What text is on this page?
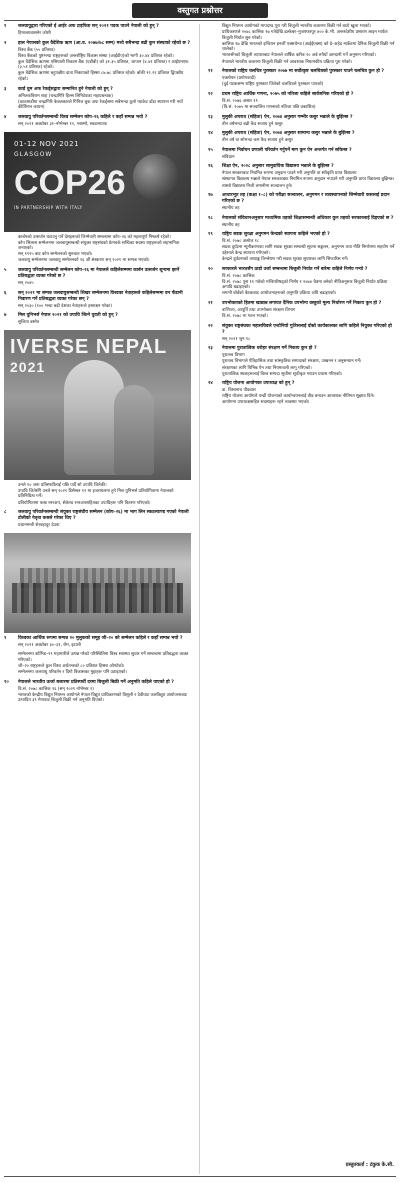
वस्तुगत प्रश्नोत्तर
१	जलवायुद्वारा गरिएको ई आईर अफ टाइफिङ सन् २०२१ पदक पाउने नेपाली को हुन् ?

हिमालयवासनेर जोशी

२	हाल नेपालको कुल वैदेशिक ऋण (आ.व. २०७७/७८ सम्म) मध्ये सबैभन्दा बढी कुन संस्थाको रहेको छ ?

विश्व बैंक (५५ प्रतिशत)

विश्व बैंकको पुष्टभन्दा राष्ट्रहरूको अन्तर्राष्ट्रिय विकास संस्था (आईडीए)को भागी ३०.४४ प्रतिशत रहेको।

कुल वैदेशिक ऋणमा एसियाली विकास बैंक (एडीबी) को ३१.३५ प्रतिशत, जापान (४.४१ प्रतिशत) र आईएमएफ (३.५१ प्रतिशत) रहेको।

कुल वैदेशिक ऋणमा बहुपक्षीय दाता निकायको हिस्सा ८७.७८ प्रतिशत रहेको। बाँकी १२.२२ प्रतिशत द्विपक्षीय रहेको।

३	कार्ड धुम अफ रेकर्ड्सद्वारा सम्मानित हुने नेपाली को हुन् ?

अमितकविराम शाह (चन्द्रागिरि हिल्स लिमिटेडका महाप्रबन्धक)

(काठमाडौंमा चन्द्रागिरि केबलकारले गिनिज बुक अफ रेकर्ड्समा सबैभन्दा ठूलो प्याकेट डाँडा स्थापना गरी नयाँ कीर्तिमान कायम)

४	जलवायु परिवर्तनसम्बन्धी विश्व सम्मेलन कोप–२६ कहिले र कहाँ सम्पन्न भयो ?

सन् २०२१ अक्टोबर ३१–नोभेम्बर १२, ग्लास्गो, स्कटल्याण्ड

01-12 NOV 2021
GLASGOW
COP26
IN PARTNERSHIP WITH ITALY

कार्बनको उत्सर्जन घटाउनु पर्ने देशहरूको जिम्मेवारी सम्बन्धमा कोप–२६ को महत्वपूर्ण निष्कर्ष रहेको।

कोप सिलास सम्मेलनमा जलवायुसम्बन्धी संयुक्त राष्ट्रसंघको फ्रेमवर्क सन्धिका सदस्य राष्ट्रहरूको सहभागिता जनाएको।

सन् १९९५ बाट कोप सम्मेलनको सुरुवात भएको।

जलवायु सम्मेलनमा जलवायु सम्मेलनको २६ औं संस्करण सन् २०२१ मा सम्पन्न भएको।

५	जलवायु परिवर्तनसम्बन्धी सम्मेलन कोप–२६ मा नेपालले कहिलेसम्ममा कार्बन उत्सर्जन शून्यमा झार्ने प्रतिबद्धता व्यक्त गरेको छ ?

सन् २०४५

६	सन् २०२१ मा सम्पन्न जलवायुसम्बन्धी शिखर सम्मेलनमा विश्वका नेताहरूले कहिलेसम्ममा वन फँडानी निवारण गर्ने प्रतिबद्धता व्यक्त गरेका छन् ?

सन् २०३० (१०० भन्दा बढी देशका नेताहरूले हस्ताक्षर गरेका)

७	मिस युनिभर्स नेपाल २०२१ को उपाधि जित्ने युवती को हुन् ?

सुजिता बस्नेत

IVERSE NEPAL
2021

उनले १० जना प्रतिस्पर्धीलाई पछि पार्दै सो उपाधि जितेकी।

उपाधि जितेसँगै उनले सन् २०२१ डिसेम्बर १२ मा इजरायलमा हुने मिस युनिभर्स प्रतियोगितामा नेपालको प्रतिनिधित्व गर्ने।

प्रतियोगितामा फस्ट रनरअप, सेकेण्ड रनरअपसहितका उपाधिहरू पनि वितरण गरिएको।

८	जलवायु परिवर्तनसम्बन्धी संयुक्त राष्ट्रसंघीय सम्मेलन (कोप–२६) मा भाग लिन स्कटल्याण्ड गएको नेपाली टोलीको नेतृत्व कसले गरेका थिए ?

प्रधानमन्त्री शेरबहादुर देउवा

९	विश्वका आर्थिक रूपमा सम्पन्न २० मुलुकको समूह जी–२० को सम्मेलन कहिले र कहाँ सम्पन्न भयो ?

सन् २०२१ अक्टोबर ३०–३१, रोम, इटाली

सम्मेलनमा कोभिड–१९ महामारीले उत्पन्न गरेको परिस्थितिमा विश्व स्वास्थ्य सुधार गर्ने सम्बन्धमा प्रतिबद्धता व्यक्त गरिएको।

जी–२० राष्ट्रहरूले कुल विश्व अर्थतन्त्रको ८० प्रतिशत हिस्सा ओगटेको।

सम्मेलनमा जलवायु परिवर्तन र दिगो विकासका मुद्दाहरू पनि उठाइएको।

१०	नेपालले भारतीय ऊर्जा बजारमा प्रतिस्पर्धी दरमा बिजुली बिक्री गर्ने अनुमति कहिले पाएको हो ?

वि.सं. २०७८ कात्तिक १६ (सन् २०२१ नोभेम्बर २)

भारतको केन्द्रीय विद्युत नियमन आयोगले नेपाल विद्युत प्राधिकरणको त्रिशूली र देवीघाट जलविद्युत आयोजनाबाट उत्पादित ३९ मेगावाट बिजुली बिक्री गर्न अनुमति दिएको।

विद्युत नियमन आयोगको मापदण्ड पूरा गरी बिजुली भारतीय बजारमा बिक्री गर्न बाटो खुला भएको।

प्राधिकरणले २०७८ कात्तिक १७ गतेदेखि ढल्केबर–मुजफ्फरपुर ४०० के.भी. अन्तरदेशीय प्रसारण लाइन मार्फत बिजुली निर्यात सुरु गरेको।

कात्तिक १७ देखि भारतको इन्डियन इनर्जी एक्सचेन्ज (आईईएक्स) को डे–अहेड मार्केटमा दैनिक बिजुली बिक्री गर्न थालेको।

भारतसँगको बिजुली व्यापारबाट नेपालले वार्षिक करिब १० अर्ब रुपैयाँ आम्दानी गर्ने अनुमान गरिएको।

नेपालले भारतीय बजारमा बिजुली बिक्री गर्न आवश्यक नियामकीय प्रक्रिया पूरा गरेको।

११	नेपालको राष्ट्रिय चलचित्र पुरस्कार २०७७ मा सर्वोत्कृष्ट चलचित्रको पुरस्कार पाउने चलचित्र कुन हो ?

एक्लोपन (प्रयोगवादी)

(दुई पटकसम्म राष्ट्रिय पुरस्कार जितेको चलचित्रले पुरस्कार पाएको)

१२	प्रथम राष्ट्रिय आर्थिक गणना, २०७५ को नतिजा कहिले सार्वजनिक गरिएको हो ?

वि.सं. २०७६ असार १९

(वि.सं. २०७५ मा सञ्चालित गणनाको नतिजा पछि प्रकाशित)

१३	मुलुकी अपराध (संहिता) ऐन, २०७४ अनुसार गम्भीर कसुर भन्नाले के बुझिन्छ ?

तीन वर्षभन्दा बढी कैद सजाय हुने कसुर

१४	मुलुकी अपराध (संहिता) ऐन, २०७४ अनुसार सामान्य कसुर भन्नाले के बुझिन्छ ?

तीन वर्ष वा सोभन्दा कम कैद सजाय हुने कसुर

१५	नेपालमा निर्वाचन प्रणाली परिवर्तन गर्नुपर्ने माग कुन ऐन अन्तर्गत गर्न सकिन्छ ?

संविधान

१६	शिक्षा ऐन, २०२८ अनुसार सामुदायिक विद्यालय भन्नाले के बुझिन्छ ?

नेपाल सरकारबाट नियमित रूपमा अनुदान पाउने गरी अनुमति वा स्वीकृति प्राप्त विद्यालय

संस्थागत विद्यालय भन्नाले नेपाल सरकारबाट नियमित रूपमा अनुदान नपाउने गरी अनुमति प्राप्त विद्यालय बुझिन्छ।

त्यस्तो विद्यालय निजी लगानीमा सञ्चालन हुने।

१७	आधारभूत तह (कक्षा १–८) को परीक्षा सञ्चालन, अनुगमन र व्यवस्थापनको जिम्मेवारी कसलाई प्रदान गरिएको छ ?

स्थानीय तह

१८	नेपालको संविधानअनुसार माध्यमिक तहको शिक्षासम्बन्धी अधिकार कुन तहको सरकारलाई दिइएको छ ?

स्थानीय तह

१९	राष्ट्रिय सडक सुरक्षा अनुगमन केन्द्रको स्थापना कहिले भएको हो ?

वि.सं. २०७८ असोज १८

सडक दुर्घटना न्यूनीकरणका लागि सडक सुरक्षा सम्बन्धी सूचना सङ्कलन, अनुगमन तथा नीति निर्माणमा सहयोग गर्ने उद्देश्यले केन्द्र स्थापना गरिएको।

केन्द्रले दुर्घटनाको तथ्याङ्क विश्लेषण गरी सडक सुरक्षा सुधारका लागि सिफारिस गर्ने।

२०	सरकारले भारतसँग ठाडो उर्जा सम्बन्धमा बिजुली निर्यात गर्ने बारेमा कहिले निर्णय गर्‍यो ?

वि.सं. २०७८ कात्तिक

वि.सं. २०७८ पुस ११ गतेको मन्त्रिपरिषद्को निर्णय र २०७४ चैत्रमा बनेको नीतिअनुसार बिजुली निर्यात प्रक्रिया अगाडि बढाइएको।

लगानी बोर्डको बैठकबाट आयोजनाहरूको अनुमति प्रक्रिया अघि बढाइएको।

२१	उपभोक्ताको हितमा खाद्यान्न लगायत दैनिक उपभोग्य वस्तुको मूल्य निर्धारण गर्ने निकाय कुन हो ?

वाणिज्य, आपूर्ति तथा उपभोक्ता संरक्षण विभाग

वि.सं. २०७८ मा गठन भएको।

२२	संयुक्त राष्ट्रसंघका महासचिवले एन्टोनियो गुटेरेसलाई दोस्रो कार्यकालका लागि कहिले नियुक्त गरिएको हो ?

सन् २०२१ जुन १८

२३	नेपालमा पुरातात्विक धरोहर संरक्षण गर्ने निकाय कुन हो ?

पुरातत्व विभाग

पुरातत्व विभागले ऐतिहासिक तथा सांस्कृतिक सम्पदाको संरक्षण, उत्खनन र अनुसन्धान गर्ने।

संरक्षणका लागि विभिन्न ऐन तथा नियमावली लागू गरिएको।

पुरातात्विक स्थलहरूलाई विश्व सम्पदा सूचीमा सूचीकृत गराउन प्रयास गरिएको।

२४	राष्ट्रिय योजना आयोगका उपाध्यक्ष को हुन् ?

डा. विश्वनाथ पौड्याल

राष्ट्रिय योजना आयोगले पन्ध्रौं योजनाको कार्यान्वयनलाई तीव्र बनाउन आवश्यक नीतिगत सुझाव दिने।

आयोगमा उपाध्यक्षसहित सदस्यहरू रहने व्यवस्था भएको।

प्रस्तुतकर्ता : टंकुक के.सी.
